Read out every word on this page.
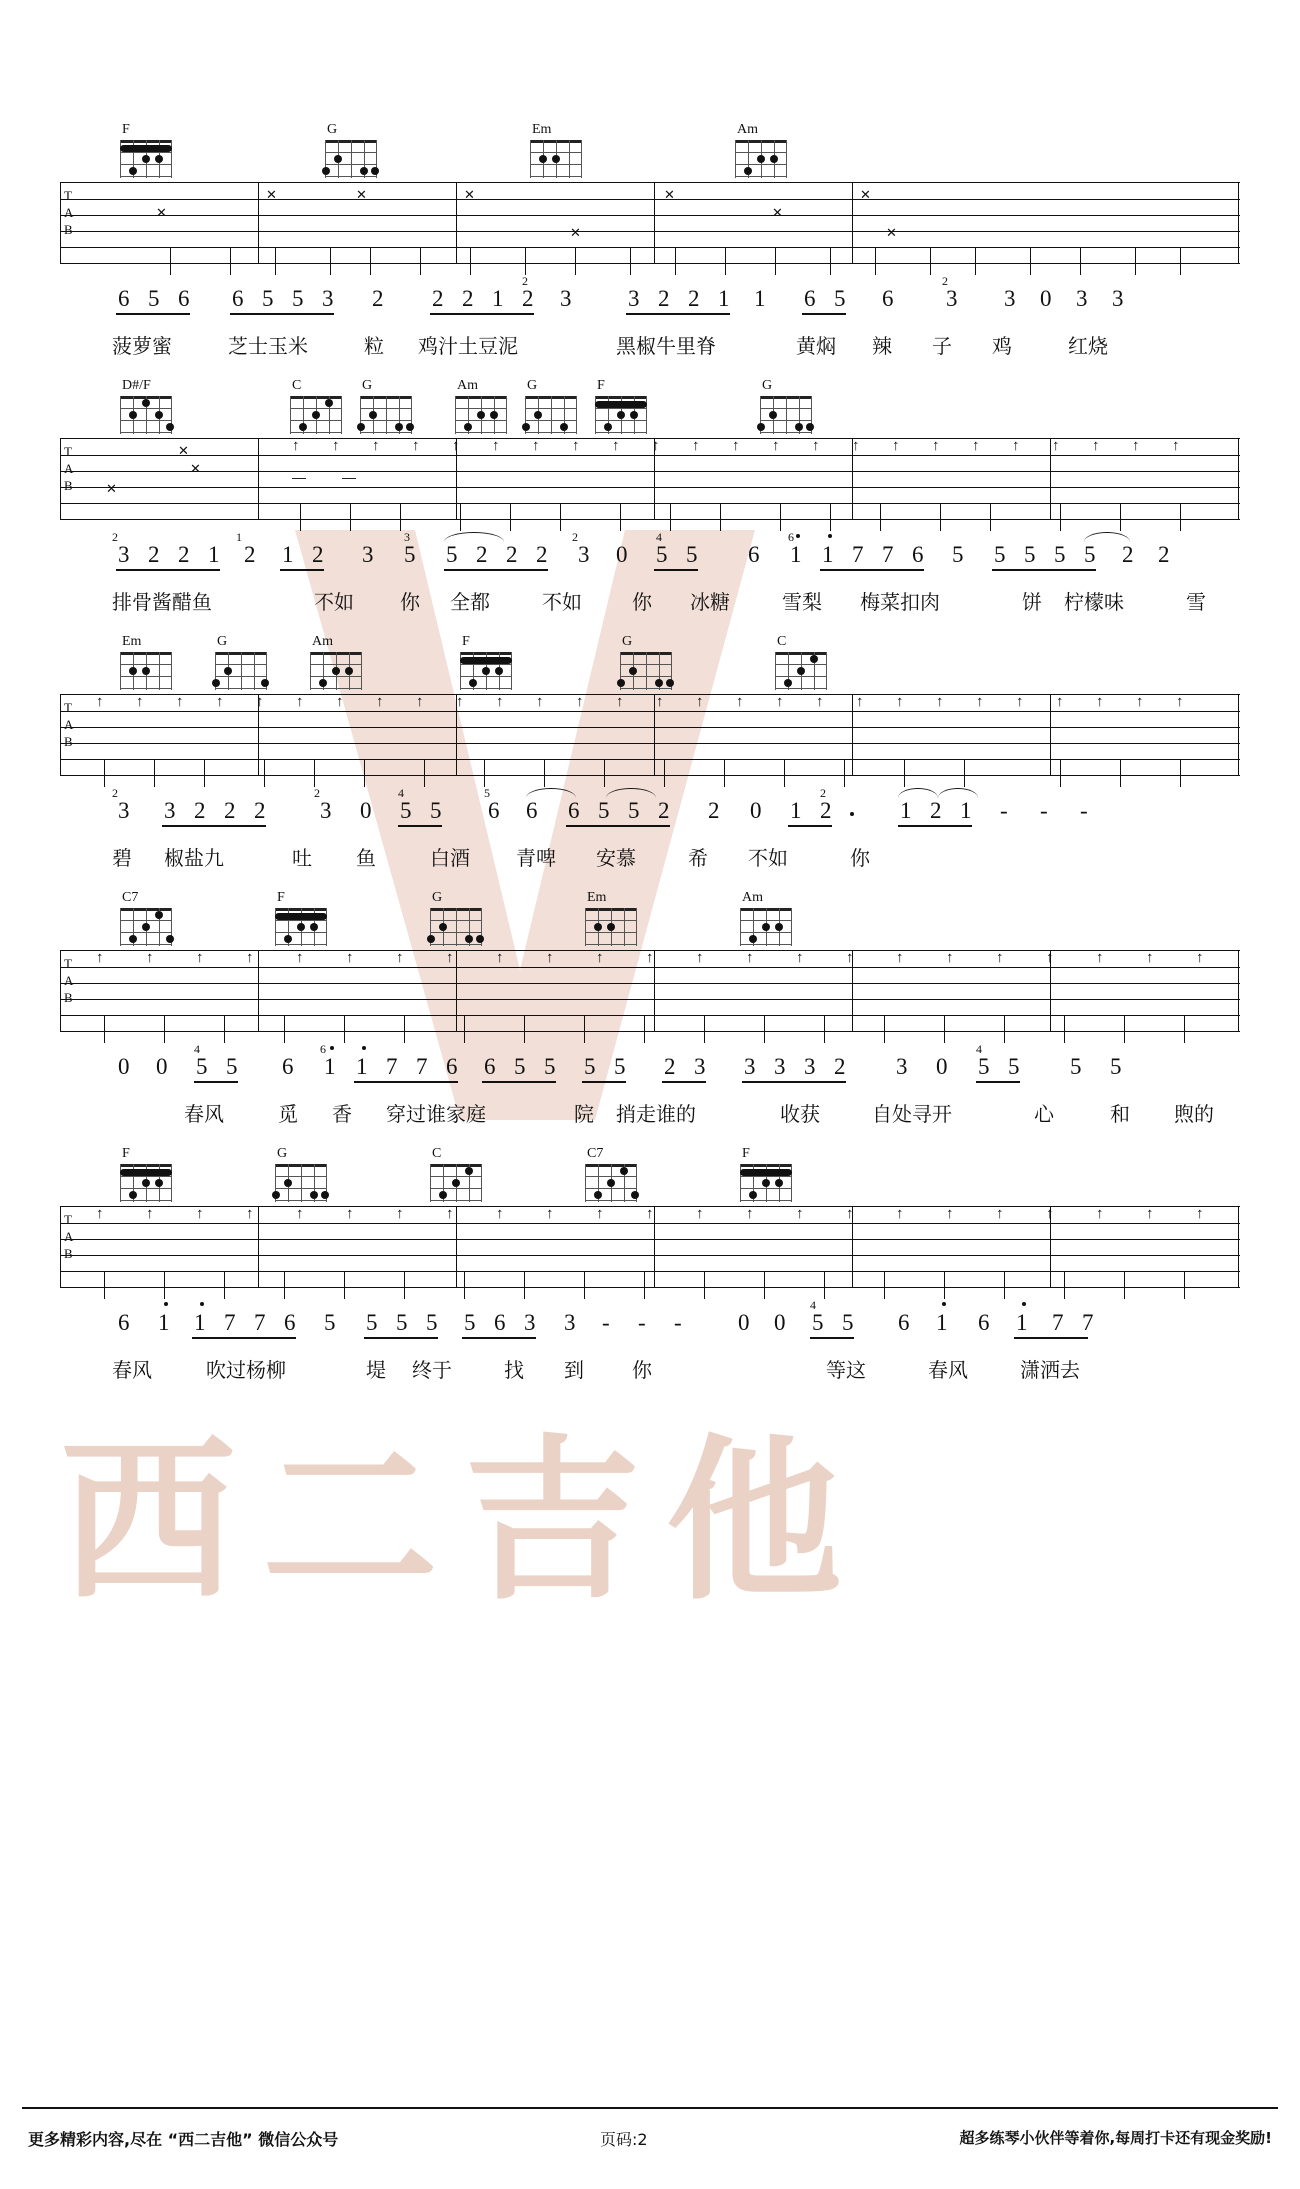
西二吉他
F	G	Em	Am
T
A
B
✕
✕	✕	✕
✕
✕
✕
✕
✕
6 5 6 6 5 5 3 2 2 2 1 2
2
3 3 2 2 1 1 6 5 6
2
3 3 0 3 3
菠萝蜜	芝士玉米	粒 鸡汁土豆泥	黑椒牛里脊	黄焖 辣 子 鸡	红烧
D#/F	C	G	Am	G	F	G
T
A
B
✕
✕
✕
↑ ↑ ↑ ↑ ↑ ↑ ↑ ↑ ↑ ↑ ↑ ↑ ↑ ↑ ↑ ↑ ↑ ↑ ↑ ↑ ↑ ↑ ↑
—	—
2
3 2 2 1
1
2 1 2 3 5
3
5 2 2 2
2
3 0 5 5
4
6 1
6
1 7 7 6 5 5 5 5 5 2 2
排骨酱醋鱼	不如 你 全都	不如	你 冰糖	雪梨 梅菜扣肉	饼 柠檬味	雪
Em	G	Am	F	G	C
T
A
B
↑ ↑ ↑ ↑ ↑ ↑ ↑ ↑ ↑ ↑ ↑ ↑ ↑ ↑ ↑ ↑ ↑ ↑ ↑ ↑ ↑ ↑ ↑ ↑ ↑ ↑ ↑ ↑
2
3 3 2 2 2
2
3 0
4
5 5
5
6 6 6 5 5 2 2 0 1
2
2	1 2 1 - - -
碧 椒盐九	吐 鱼	白酒 青啤 安慕	希 不如	你
C7	F	G	Em	Am
T
A
B
↑	↑	↑	↑	↑	↑	↑	↑	↑	↑	↑	↑	↑	↑	↑	↑	↑	↑	↑	↑	↑	↑	↑
0 0
4
5 5 6
6
1 1 7 7 6 6 5 5 5 5 2 3 3 3 3 2 3 0
4
5 5 5 5
春风	觅 香 穿过谁家庭	院 捎走谁的	收获	自处寻开	心	和 煦的
F	G	C	C7	F
T
A
B
↑	↑	↑	↑	↑	↑	↑	↑	↑	↑	↑	↑	↑	↑	↑	↑	↑	↑	↑	↑	↑	↑	↑
6 1 1 7 7 6 5 5 5 5 5 6 3 3 - - - 0 0
4
5 5 6 1 6 1 7 7
春风	吹过杨柳	堤 终于	找 到 你	等这	春风	潇洒去
更多精彩内容,尽在 “西二吉他” 微信公众号	页码:2	超多练琴小伙伴等着你,每周打卡还有现金奖励!
